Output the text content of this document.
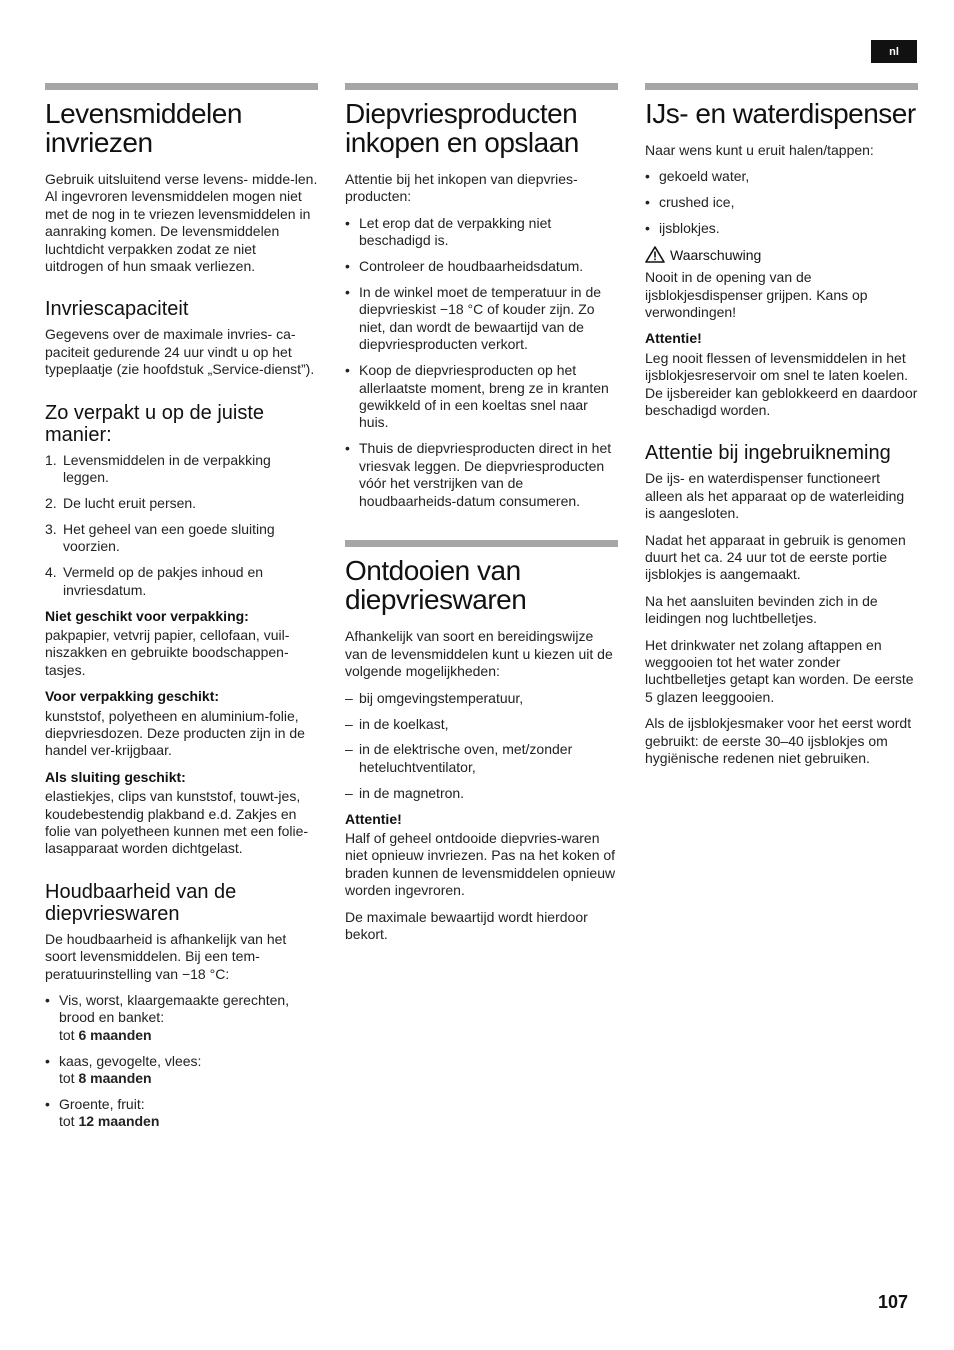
nl
Levensmiddelen invriezen

Gebruik uitsluitend verse levens- midde-len. Al ingevroren levensmiddelen mogen niet met de nog in te vriezen levensmiddelen in aanraking komen. De levensmiddelen luchtdicht verpakken zodat ze niet uitdrogen of hun smaak verliezen.

Invriescapaciteit

Gegevens over de maximale invries- ca-paciteit gedurende 24 uur vindt u op het typeplaatje (zie hoofdstuk „Service-dienst”).

Zo verpakt u op de juiste manier:
1. Levensmiddelen in de verpakking leggen.
2. De lucht eruit persen.
3. Het geheel van een goede sluiting voorzien.
4. Vermeld op de pakjes inhoud en invriesdatum.
Niet geschikt voor verpakking:

pakpapier, vetvrij papier, cellofaan, vuil-niszakken en gebruikte boodschappen-tasjes.

Voor verpakking geschikt:

kunststof, polyetheen en aluminium-folie, diepvriesdozen. Deze producten zijn in de handel ver-krijgbaar.

Als sluiting geschikt:

elastiekjes, clips van kunststof, touwt-jes, koudebestendig plakband e.d. Zakjes en folie van polyetheen kunnen met een folie-lasapparaat worden dichtgelast.

Houdbaarheid van de diepvrieswaren

De houdbaarheid is afhankelijk van het soort levensmiddelen. Bij een tem-peratuurinstelling van −18 °C:

• Vis, worst, klaargemaakte gerechten, brood en banket:
tot 6 maanden
• kaas, gevogelte, vlees:
tot 8 maanden
• Groente, fruit:
tot 12 maanden
Diepvriesproducten inkopen en opslaan

Attentie bij het inkopen van diepvries-producten:

• Let erop dat de verpakking niet beschadigd is.
• Controleer de houdbaarheidsdatum.
• In de winkel moet de temperatuur in de diepvrieskist −18 °C of kouder zijn. Zo niet, dan wordt de bewaartijd van de diepvriesproducten verkort.
• Koop de diepvriesproducten op het allerlaatste moment, breng ze in kranten gewikkeld of in een koeltas snel naar huis.
• Thuis de diepvriesproducten direct in het vriesvak leggen. De diepvriesproducten vóór het verstrijken van de houdbaarheids-datum consumeren.
Ontdooien van diepvrieswaren

Afhankelijk van soort en bereidingswijze van de levensmiddelen kunt u kiezen uit de volgende mogelijkheden:

– bij omgevingstemperatuur,
– in de koelkast,
– in de elektrische oven, met/zonder heteluchtventilator,
– in de magnetron.
Attentie!

Half of geheel ontdooide diepvries-waren niet opnieuw invriezen. Pas na het koken of braden kunnen de levensmiddelen opnieuw worden ingevroren.

De maximale bewaartijd wordt hierdoor bekort.

IJs- en waterdispenser

Naar wens kunt u eruit halen/tappen:

• gekoeld water,
• crushed ice,
• ijsblokjes.
Waarschuwing

Nooit in de opening van de ijsblokjesdispenser grijpen. Kans op verwondingen!

Attentie!

Leg nooit flessen of levensmiddelen in het ijsblokjesreservoir om snel te laten koelen. De ijsbereider kan geblokkeerd en daardoor beschadigd worden.

Attentie bij ingebruikneming

De ijs- en waterdispenser functioneert alleen als het apparaat op de waterleiding is aangesloten.

Nadat het apparaat in gebruik is genomen duurt het ca. 24 uur tot de eerste portie ijsblokjes is aangemaakt.

Na het aansluiten bevinden zich in de leidingen nog luchtbelletjes.

Het drinkwater net zolang aftappen en weggooien tot het water zonder luchtbelletjes getapt kan worden. De eerste 5 glazen leeggooien.

Als de ijsblokjesmaker voor het eerst wordt gebruikt: de eerste 30–40 ijsblokjes om hygiënische redenen niet gebruiken.

107
